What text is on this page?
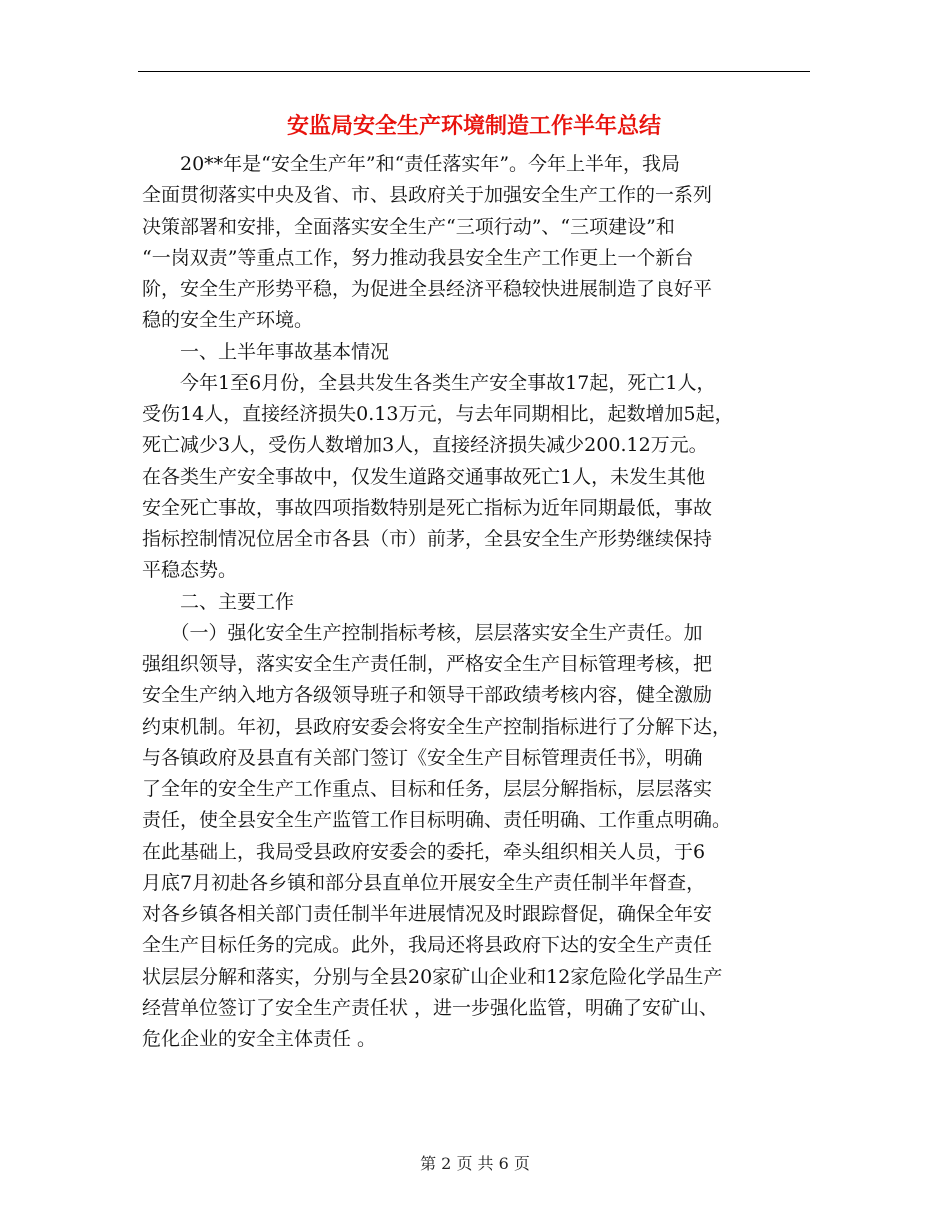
安监局安全生产环境制造工作半年总结
　　20**年是“安全生产年”和“责任落实年”。今年上半年，我局
全面贯彻落实中央及省、市、县政府关于加强安全生产工作的一系列
决策部署和安排，全面落实安全生产“三项行动”、“三项建设”和
“一岗双责”等重点工作，努力推动我县安全生产工作更上一个新台
阶，安全生产形势平稳，为促进全县经济平稳较快进展制造了良好平
稳的安全生产环境。
　　一、上半年事故基本情况
　　今年1至6月份，全县共发生各类生产安全事故17起，死亡1人，
受伤14人，直接经济损失0.13万元，与去年同期相比，起数增加5起，
死亡减少3人，受伤人数增加3人，直接经济损失减少200.12万元。
在各类生产安全事故中，仅发生道路交通事故死亡1人，未发生其他
安全死亡事故，事故四项指数特别是死亡指标为近年同期最低，事故
指标控制情况位居全市各县（市）前茅，全县安全生产形势继续保持
平稳态势。
　　二、主要工作
　　（一）强化安全生产控制指标考核，层层落实安全生产责任。加
强组织领导，落实安全生产责任制，严格安全生产目标管理考核，把
安全生产纳入地方各级领导班子和领导干部政绩考核内容，健全激励
约束机制。年初，县政府安委会将安全生产控制指标进行了分解下达，
与各镇政府及县直有关部门签订《安全生产目标管理责任书》，明确
了全年的安全生产工作重点、目标和任务，层层分解指标，层层落实
责任，使全县安全生产监管工作目标明确、责任明确、工作重点明确。
在此基础上，我局受县政府安委会的委托，牵头组织相关人员，于6
月底7月初赴各乡镇和部分县直单位开展安全生产责任制半年督查，
对各乡镇各相关部门责任制半年进展情况及时跟踪督促，确保全年安
全生产目标任务的完成。此外，我局还将县政府下达的安全生产责任
状层层分解和落实，分别与全县20家矿山企业和12家危险化学品生产
经营单位签订了安全生产责任状 ，进一步强化监管，明确了安矿山、
危化企业的安全主体责任 。
第 2 页 共 6 页
